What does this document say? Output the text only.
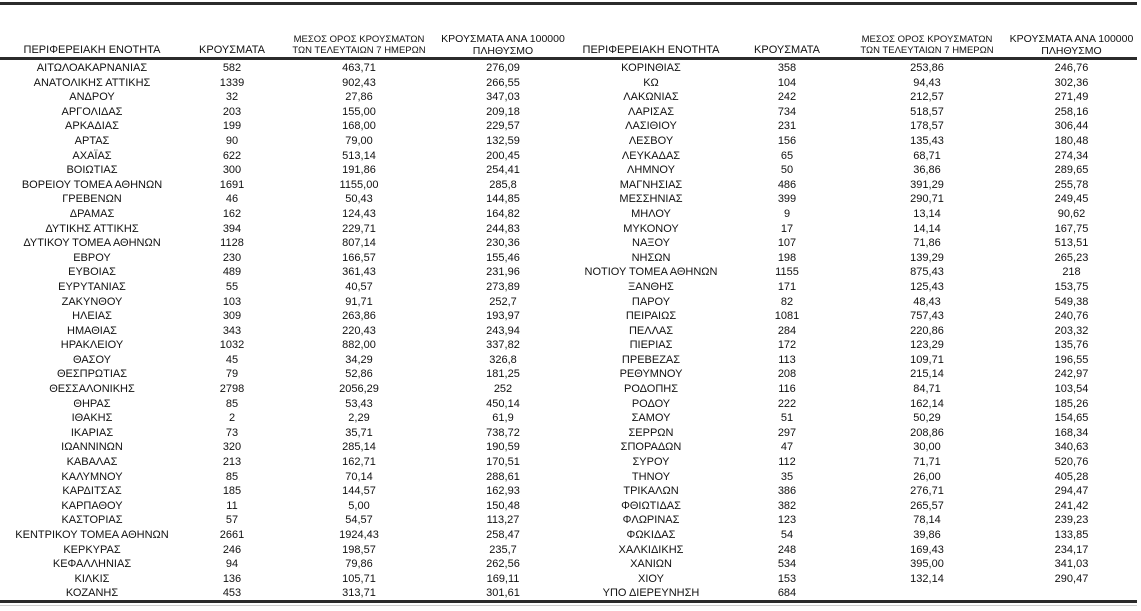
ΠΕΡΙΦΕΡΕΙΑΚΗ ΕΝΟΤΗΤΑ	ΚΡΟΥΣΜΑΤΑ	ΜΕΣΟΣ ΟΡΟΣ ΚΡΟΥΣΜΑΤΩΝ
ΤΩΝ ΤΕΛΕΥΤΑΙΩΝ 7 ΗΜΕΡΩΝ	ΚΡΟΥΣΜΑΤΑ ΑΝΑ 100000
ΠΛΗΘΥΣΜΟ
ΑΙΤΩΛΟΑΚΑΡΝΑΝΙΑΣ	582	463,71	276,09
ΑΝΑΤΟΛΙΚΗΣ ΑΤΤΙΚΗΣ	1339	902,43	266,55
ΑΝΔΡΟΥ	32	27,86	347,03
ΑΡΓΟΛΙΔΑΣ	203	155,00	209,18
ΑΡΚΑΔΙΑΣ	199	168,00	229,57
ΑΡΤΑΣ	90	79,00	132,59
ΑΧΑΪΑΣ	622	513,14	200,45
ΒΟΙΩΤΙΑΣ	300	191,86	254,41
ΒΟΡΕΙΟΥ ΤΟΜΕΑ ΑΘΗΝΩΝ	1691	1155,00	285,8
ΓΡΕΒΕΝΩΝ	46	50,43	144,85
ΔΡΑΜΑΣ	162	124,43	164,82
ΔΥΤΙΚΗΣ ΑΤΤΙΚΗΣ	394	229,71	244,83
ΔΥΤΙΚΟΥ ΤΟΜΕΑ ΑΘΗΝΩΝ	1128	807,14	230,36
ΕΒΡΟΥ	230	166,57	155,46
ΕΥΒΟΙΑΣ	489	361,43	231,96
ΕΥΡΥΤΑΝΙΑΣ	55	40,57	273,89
ΖΑΚΥΝΘΟΥ	103	91,71	252,7
ΗΛΕΙΑΣ	309	263,86	193,97
ΗΜΑΘΙΑΣ	343	220,43	243,94
ΗΡΑΚΛΕΙΟΥ	1032	882,00	337,82
ΘΑΣΟΥ	45	34,29	326,8
ΘΕΣΠΡΩΤΙΑΣ	79	52,86	181,25
ΘΕΣΣΑΛΟΝΙΚΗΣ	2798	2056,29	252
ΘΗΡΑΣ	85	53,43	450,14
ΙΘΑΚΗΣ	2	2,29	61,9
ΙΚΑΡΙΑΣ	73	35,71	738,72
ΙΩΑΝΝΙΝΩΝ	320	285,14	190,59
ΚΑΒΑΛΑΣ	213	162,71	170,51
ΚΑΛΥΜΝΟΥ	85	70,14	288,61
ΚΑΡΔΙΤΣΑΣ	185	144,57	162,93
ΚΑΡΠΑΘΟΥ	11	5,00	150,48
ΚΑΣΤΟΡΙΑΣ	57	54,57	113,27
ΚΕΝΤΡΙΚΟΥ ΤΟΜΕΑ ΑΘΗΝΩΝ	2661	1924,43	258,47
ΚΕΡΚΥΡΑΣ	246	198,57	235,7
ΚΕΦΑΛΛΗΝΙΑΣ	94	79,86	262,56
ΚΙΛΚΙΣ	136	105,71	169,11
ΚΟΖΑΝΗΣ	453	313,71	301,61
ΠΕΡΙΦΕΡΕΙΑΚΗ ΕΝΟΤΗΤΑ	ΚΡΟΥΣΜΑΤΑ	ΜΕΣΟΣ ΟΡΟΣ ΚΡΟΥΣΜΑΤΩΝ
ΤΩΝ ΤΕΛΕΥΤΑΙΩΝ 7 ΗΜΕΡΩΝ	ΚΡΟΥΣΜΑΤΑ ΑΝΑ 100000
ΠΛΗΘΥΣΜΟ
ΚΟΡΙΝΘΙΑΣ	358	253,86	246,76
ΚΩ	104	94,43	302,36
ΛΑΚΩΝΙΑΣ	242	212,57	271,49
ΛΑΡΙΣΑΣ	734	518,57	258,16
ΛΑΣΙΘΙΟΥ	231	178,57	306,44
ΛΕΣΒΟΥ	156	135,43	180,48
ΛΕΥΚΑΔΑΣ	65	68,71	274,34
ΛΗΜΝΟΥ	50	36,86	289,65
ΜΑΓΝΗΣΙΑΣ	486	391,29	255,78
ΜΕΣΣΗΝΙΑΣ	399	290,71	249,45
ΜΗΛΟΥ	9	13,14	90,62
ΜΥΚΟΝΟΥ	17	14,14	167,75
ΝΑΞΟΥ	107	71,86	513,51
ΝΗΣΩΝ	198	139,29	265,23
ΝΟΤΙΟΥ ΤΟΜΕΑ ΑΘΗΝΩΝ	1155	875,43	218
ΞΑΝΘΗΣ	171	125,43	153,75
ΠΑΡΟΥ	82	48,43	549,38
ΠΕΙΡΑΙΩΣ	1081	757,43	240,76
ΠΕΛΛΑΣ	284	220,86	203,32
ΠΙΕΡΙΑΣ	172	123,29	135,76
ΠΡΕΒΕΖΑΣ	113	109,71	196,55
ΡΕΘΥΜΝΟΥ	208	215,14	242,97
ΡΟΔΟΠΗΣ	116	84,71	103,54
ΡΟΔΟΥ	222	162,14	185,26
ΣΑΜΟΥ	51	50,29	154,65
ΣΕΡΡΩΝ	297	208,86	168,34
ΣΠΟΡΑΔΩΝ	47	30,00	340,63
ΣΥΡΟΥ	112	71,71	520,76
ΤΗΝΟΥ	35	26,00	405,28
ΤΡΙΚΑΛΩΝ	386	276,71	294,47
ΦΘΙΩΤΙΔΑΣ	382	265,57	241,42
ΦΛΩΡΙΝΑΣ	123	78,14	239,23
ΦΩΚΙΔΑΣ	54	39,86	133,85
ΧΑΛΚΙΔΙΚΗΣ	248	169,43	234,17
ΧΑΝΙΩΝ	534	395,00	341,03
ΧΙΟΥ	153	132,14	290,47
ΥΠΟ ΔΙΕΡΕΥΝΗΣΗ	684		
